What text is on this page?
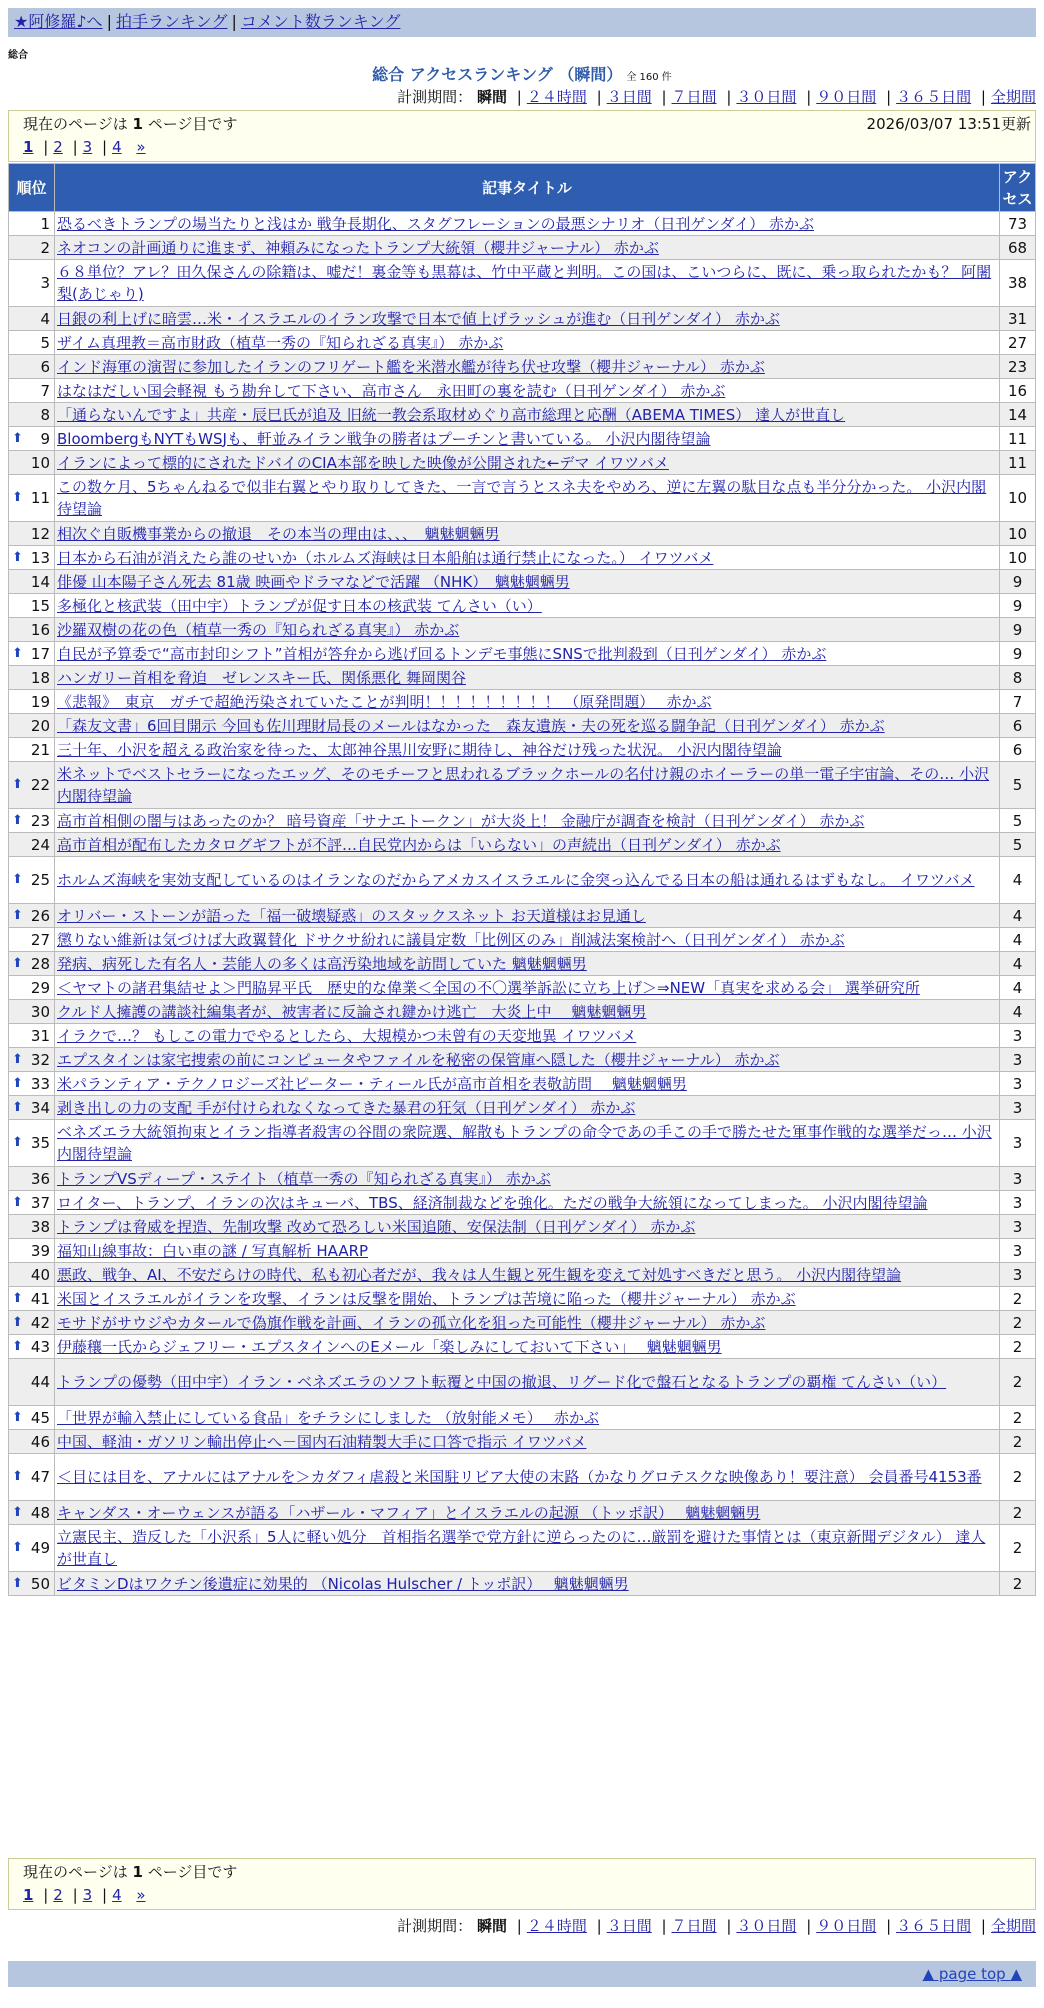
★阿修羅♪へ | 拍手ランキング | コメント数ランキング
総合
総合 アクセスランキング （瞬間） 全 160 件
計測期間： 瞬間 | ２４時間 | ３日間 | ７日間 | ３０日間 | ９０日間 | ３６５日間 | 全期間
現在のページは 1 ページ目です	2026/03/07 13:51更新
1 | 2 | 3 | 4 »
順位	記事タイトル	アクセス
1	恐るべきトランプの場当たりと浅はか 戦争長期化、スタグフレーションの最悪シナリオ（日刊ゲンダイ） 赤かぶ	73
2	ネオコンの計画通りに進まず、神頼みになったトランプ大統領（櫻井ジャーナル） 赤かぶ	68
3	６８単位？アレ？田久保さんの除籍は、嘘だ！裏金等も黒幕は、竹中平蔵と判明。この国は、こいつらに、既に、乗っ取られたかも？ 阿闍梨(あじゃり)	38
4	日銀の利上げに暗雲…米・イスラエルのイラン攻撃で日本で値上げラッシュが進む（日刊ゲンダイ） 赤かぶ	31
5	ザイム真理教＝高市財政（植草一秀の『知られざる真実』） 赤かぶ	27
6	インド海軍の演習に参加したイランのフリゲート艦を米潜水艦が待ち伏せ攻撃（櫻井ジャーナル） 赤かぶ	23
7	はなはだしい国会軽視 もう勘弁して下さい、高市さん　永田町の裏を読む（日刊ゲンダイ） 赤かぶ	16
8	「通らないんですよ」共産・辰巳氏が追及 旧統一教会系取材めぐり高市総理と応酬（ABEMA TIMES） 達人が世直し	14

⬆ 9	BloombergもNYTもWSJも、軒並みイラン戦争の勝者はプーチンと書いている。 小沢内閣待望論	11
10	イランによって標的にされたドバイのCIA本部を映した映像が公開された←デマ イワツバメ	11

⬆ 11	この数ケ月、5ちゃんねるで似非右翼とやり取りしてきた、一言で言うとスネ夫をやめろ、逆に左翼の駄目な点も半分分かった。 小沢内閣待望論	10
12	相次ぐ自販機事業からの撤退　その本当の理由は、、、　魑魅魍魎男	10

⬆ 13	日本から石油が消えたら誰のせいか（ホルムズ海峡は日本船舶は通行禁止になった。） イワツバメ	10
14	俳優 山本陽子さん死去 81歳 映画やドラマなどで活躍 （NHK）　魑魅魍魎男	9
15	多極化と核武装（田中宇）トランプが促す日本の核武装 てんさい（い）	9
16	沙羅双樹の花の色（植草一秀の『知られざる真実』） 赤かぶ	9

⬆ 17	自民が予算委で“高市封印シフト”首相が答弁から逃げ回るトンデモ事態にSNSで批判殺到（日刊ゲンダイ） 赤かぶ	9
18	ハンガリー首相を脅迫　ゼレンスキー氏、関係悪化 舞岡関谷	8
19	《悲報》　東京　ガチで超絶汚染されていたことが判明！！！！！！！！！ （原発問題）　 赤かぶ	7
20	「森友文書」6回目開示 今回も佐川理財局長のメールはなかった　森友遺族・夫の死を巡る闘争記（日刊ゲンダイ） 赤かぶ	6
21	三十年、小沢を超える政治家を待った、太郎神谷黒川安野に期待し、神谷だけ残った状況。 小沢内閣待望論	6

⬆ 22	米ネットでベストセラーになったエッグ、そのモチーフと思われるブラックホールの名付け親のホイーラーの単一電子宇宙論、その… 小沢内閣待望論	5

⬆ 23	高市首相側の闇与はあったのか？ 暗号資産「サナエトークン」が大炎上！ 金融庁が調査を検討（日刊ゲンダイ） 赤かぶ	5
24	高市首相が配布したカタログギフトが不評…自民党内からは「いらない」の声続出（日刊ゲンダイ） 赤かぶ	5

⬆ 25	ホルムズ海峡を実効支配しているのはイランなのだからアメカスイスラエルに金突っ込んでる日本の船は通れるはずもなし。 イワツバメ	4

⬆ 26	オリバー・ストーンが語った「福一破壊疑惑」のスタックスネット お天道様はお見通し	4
27	懲りない維新は気づけば大政翼賛化 ドサクサ紛れに議員定数「比例区のみ」削減法案検討へ（日刊ゲンダイ） 赤かぶ	4

⬆ 28	発病、病死した有名人・芸能人の多くは高汚染地域を訪問していた 魑魅魍魎男	4
29	＜ヤマトの諸君集結せよ＞門脇昇平氏　歴史的な偉業＜全国の不〇選挙訴訟に立ち上げ＞⇒NEW「真実を求める会」 選挙研究所	4
30	クルド人擁護の講談社編集者が、被害者に反論され鍵かけ逃亡　大炎上中　 魑魅魍魎男	4
31	イラクで…？ もしこの電力でやるとしたら、大規模かつ未曾有の天変地異 イワツバメ	3

⬆ 32	エプスタインは家宅捜索の前にコンピュータやファイルを秘密の保管庫へ隠した（櫻井ジャーナル） 赤かぶ	3

⬆ 33	米パランティア・テクノロジーズ社ピーター・ティール氏が高市首相を表敬訪問　 魑魅魍魎男	3

⬆ 34	剥き出しの力の支配 手が付けられなくなってきた暴君の狂気（日刊ゲンダイ） 赤かぶ	3

⬆ 35	ベネズエラ大統領拘束とイラン指導者殺害の谷間の衆院選、解散もトランプの命令であの手この手で勝たせた軍事作戦的な選挙だっ… 小沢内閣待望論	3
36	トランプVSディープ・ステイト（植草一秀の『知られざる真実』） 赤かぶ	3

⬆ 37	ロイター、トランプ、イランの次はキューバ、TBS、経済制裁などを強化。ただの戦争大統領になってしまった。 小沢内閣待望論	3
38	トランプは脅威を捏造、先制攻撃 改めて恐ろしい米国追随、安保法制（日刊ゲンダイ） 赤かぶ	3
39	福知山線事故：白い車の謎 / 写真解析 HAARP	3
40	悪政、戦争、AI、不安だらけの時代、私も初心者だが、我々は人生観と死生観を変えて対処すべきだと思う。 小沢内閣待望論	3

⬆ 41	米国とイスラエルがイランを攻撃、イランは反撃を開始、トランプは苦境に陥った（櫻井ジャーナル） 赤かぶ	2

⬆ 42	モサドがサウジやカタールで偽旗作戦を計画、イランの孤立化を狙った可能性（櫻井ジャーナル） 赤かぶ	2

⬆ 43	伊藤穰一氏からジェフリー・エプスタインへのEメール「楽しみにしておいて下さい」　 魑魅魍魎男	2
44	トランプの優勢（田中宇）イラン・ベネズエラのソフト転覆と中国の撤退、リグード化で盤石となるトランプの覇権 てんさい（い）	2

⬆ 45	「世界が輸入禁止にしている食品」をチラシにしました （放射能メモ）　 赤かぶ	2
46	中国、軽油・ガソリン輸出停止へ－国内石油精製大手に口答で指示 イワツバメ	2

⬆ 47	＜目には目を、アナルにはアナルを＞カダフィ虐殺と米国駐リビア大使の末路（かなりグロテスクな映像あり！要注意） 会員番号4153番	2

⬆ 48	キャンダス・オーウェンスが語る「ハザール・マフィア」とイスラエルの起源 （トッポ訳）　 魑魅魍魎男	2

⬆ 49	立憲民主、造反した「小沢系」5人に軽い処分　首相指名選挙で党方針に逆らったのに…厳罰を避けた事情とは（東京新聞デジタル） 達人が世直し	2

⬆ 50	ビタミンDはワクチン後遺症に効果的 （Nicolas Hulscher / トッポ訳）　 魑魅魍魎男	2
現在のページは 1 ページ目です
1 | 2 | 3 | 4 »
計測期間： 瞬間 | ２４時間 | ３日間 | ７日間 | ３０日間 | ９０日間 | ３６５日間 | 全期間
▲ page top ▲
